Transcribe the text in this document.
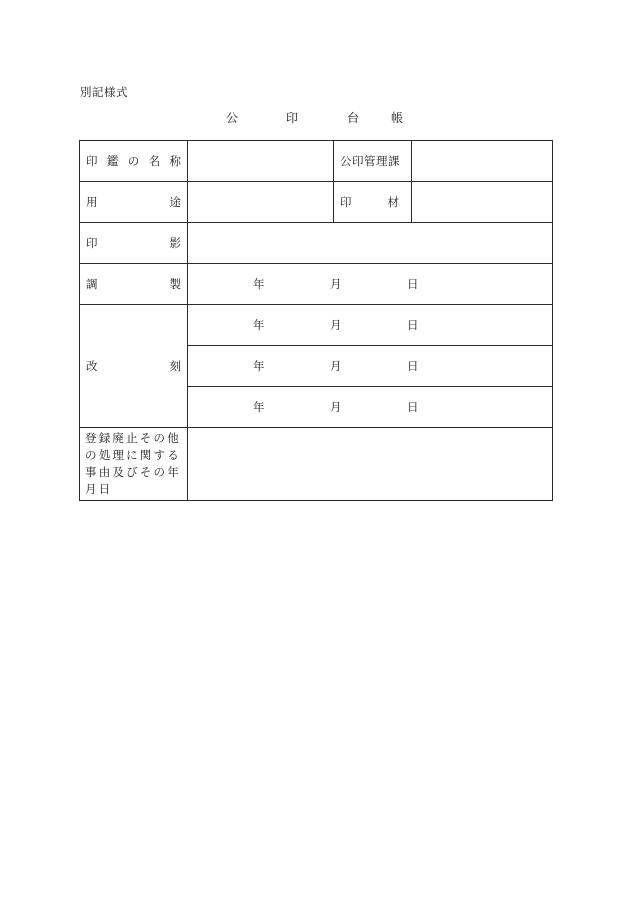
別記様式
公	印	台	帳
印 鑑 の 名 称		公印管理課	

用 途		印 材	

印 影			

調 製	年 月 日		

改 刻	年 月 日		

	年 月 日		

	年 月 日		

登録廃止その他
の処理に関する
事由及びその年
月日			
